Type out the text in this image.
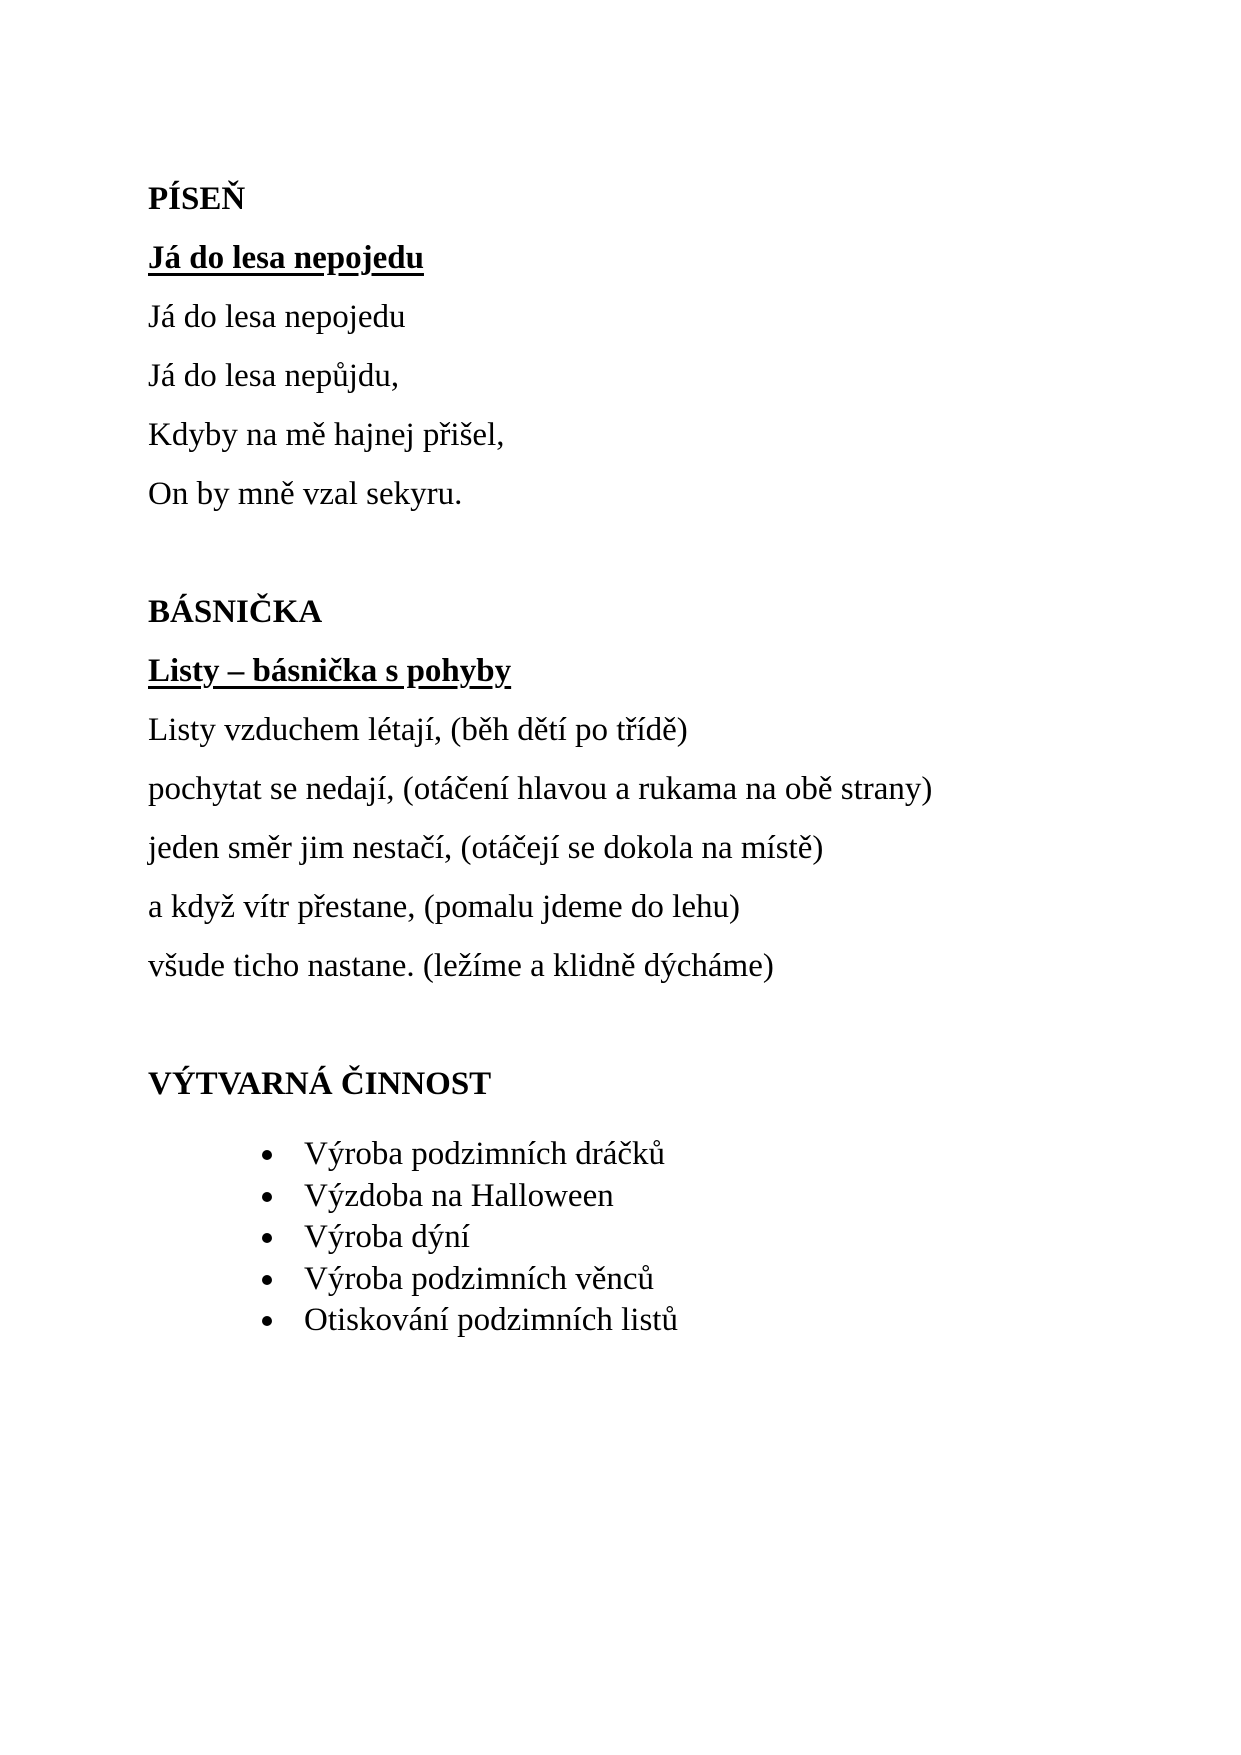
PÍSEŇ

Já do lesa nepojedu

Já do lesa nepojedu

Já do lesa nepůjdu,

Kdyby na mě hajnej přišel,

On by mně vzal sekyru.

BÁSNIČKA

Listy – básnička s pohyby

Listy vzduchem létají, (běh dětí po třídě)

pochytat se nedají, (otáčení hlavou a rukama na obě strany)

jeden směr jim nestačí, (otáčejí se dokola na místě)

a když vítr přestane, (pomalu jdeme do lehu)

všude ticho nastane. (ležíme a klidně dýcháme)

VÝTVARNÁ ČINNOST

Výroba podzimních dráčků
Výzdoba na Halloween
Výroba dýní
Výroba podzimních věnců
Otiskování podzimních listů
